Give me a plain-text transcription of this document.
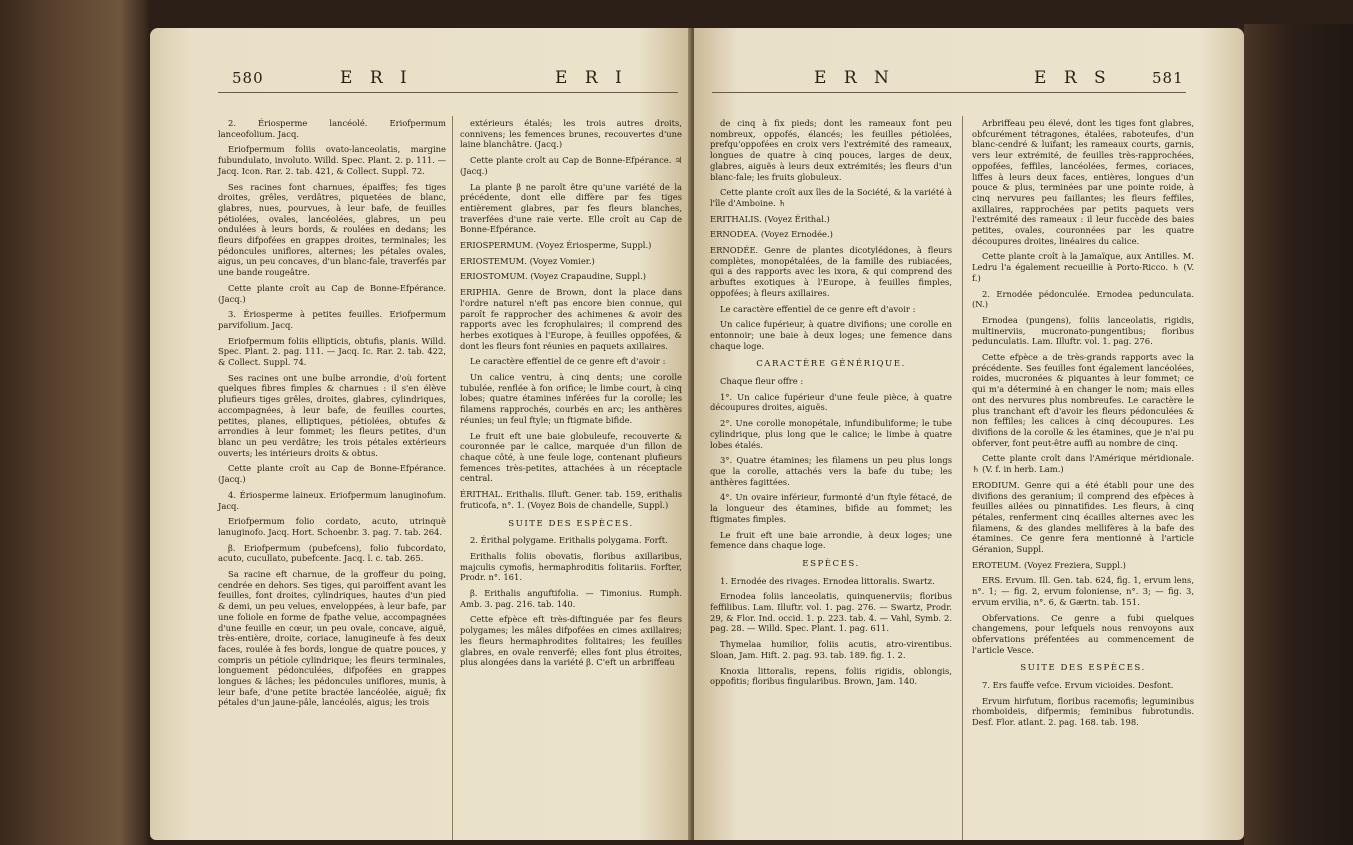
580	E R I	E R I

2. Ériosperme lancéolé. Eriofpermum lanceofolium. Jacq.

Eriofpermum foliis ovato-lanceolatis, margine fubundulato, involuto. Willd. Spec. Plant. 2. p. 111. — Jacq. Icon. Rar. 2. tab. 421, & Collect. Suppl. 72.

Ses racines font charnues, épaiffes; fes tiges droites, grêles, verdâtres, piquetées de blanc, glabres, nues, pourvues, à leur bafe, de feuilles pétiolées, ovales, lancéolées, glabres, un peu ondulées à leurs bords, & roulées en dedans; les fleurs difpofées en grappes droites, terminales; les pédoncules uniflores, alternes; les pétales ovales, aigus, un peu concaves, d'un blanc-fale, traverfés par une bande rougeâtre.

Cette plante croît au Cap de Bonne-Efpérance. (Jacq.)

3. Ériosperme à petites feuilles. Eriofpermum parvifolium. Jacq.

Eriofpermum foliis ellipticis, obtufis, planis. Willd. Spec. Plant. 2. pag. 111. — Jacq. Ic. Rar. 2. tab. 422, & Collect. Suppl. 74.

Ses racines ont une bulbe arrondie, d'où fortent quelques fibres fimples & charnues : il s'en élève plufieurs tiges grêles, droites, glabres, cylindriques, accompagnées, à leur bafe, de feuilles courtes, petites, planes, elliptiques, pétiolées, obtufes & arrondies à leur fommet; les fleurs petites, d'un blanc un peu verdâtre; les trois pétales extérieurs ouverts; les intérieurs droits & obtus.

Cette plante croît au Cap de Bonne-Efpérance. (Jacq.)

4. Ériosperme laineux. Eriofpermum lanuginofum. Jacq.

Eriofpermum folio cordato, acuto, utrinquè lanuginofo. Jacq. Hort. Schoenbr. 3. pag. 7. tab. 264.

β. Eriofpermum (pubefcens), folio fubcordato, acuto, cucullato, pubefcente. Jacq. l. c. tab. 265.

Sa racine eft charnue, de la groffeur du poing, cendrée en dehors. Ses tiges, qui paroiffent avant les feuilles, font droites, cylindriques, hautes d'un pied & demi, un peu velues, enveloppées, à leur bafe, par une foliole en forme de fpathe velue, accompagnées d'une feuille en cœur, un peu ovale, concave, aiguë, très-entière, droite, coriace, lanugineufe à fes deux faces, roulée à fes bords, longue de quatre pouces, y compris un pétiole cylindrique; les fleurs terminales, longuement pédonculées, difpofées en grappes longues & lâches; les pédoncules uniflores, munis, à leur bafe, d'une petite bractée lancéolée, aiguë; fix pétales d'un jaune-pâle, lancéolés, aigus; les trois

extérieurs étalés; les trois autres droits, connivens; les femences brunes, recouvertes d'une laine blanchâtre. (Jacq.)

Cette plante croît au Cap de Bonne-Efpérance. ♃ (Jacq.)

La plante β ne paroît être qu'une variété de la précédente, dont elle diffère par fes tiges entièrement glabres, par fes fleurs blanches, traverfées d'une raie verte. Elle croît au Cap de Bonne-Efpérance.

ERIOSPERMUM. (Voyez Ériosperme, Suppl.)

ERIOSTEMUM. (Voyez Vomier.)

ERIOSTOMUM. (Voyez Crapaudine, Suppl.)

ERIPHIA. Genre de Brown, dont la place dans l'ordre naturel n'eft pas encore bien connue, qui paroît fe rapprocher des achimenes & avoir des rapports avec les fcrophulaires; il comprend des herbes exotiques à l'Europe, à feuilles oppofées, & dont les fleurs font réunies en paquets axillaires.

Le caractère effentiel de ce genre eft d'avoir :

Un calice ventru, à cinq dents; une corolle tubulée, renflée à fon orifice; le limbe court, à cinq lobes; quatre étamines inférées fur la corolle; les filamens rapprochés, courbés en arc; les anthères réunies; un feul ftyle; un ftigmate bifide.

Le fruit eft une baie globuleufe, recouverte & couronnée par le calice, marquée d'un fillon de chaque côté, à une feule loge, contenant plufieurs femences très-petites, attachées à un réceptacle central.

ÉRITHAL. Erithalis. Illuft. Gener. tab. 159, erithalis fruticofa, n°. 1. (Voyez Bois de chandelle, Suppl.)

SUITE DES ESPÈCES.

2. Érithal polygame. Erithalis polygama. Forft.

Erithalis foliis obovatis, floribus axillaribus, majculis cymofis, hermaphroditis folitariis. Forfter, Prodr. n°. 161.

β. Erithalis anguftifolia. — Timonius. Rumph. Amb. 3. pag. 216. tab. 140.

Cette efpèce eft très-diftinguée par fes fleurs polygames; les mâles difpofées en cimes axillaires; les fleurs hermaphrodites folitaires; les feuilles glabres, en ovale renverfé; elles font plus étroites, plus alongées dans la variété β. C'eft un arbriffeau

E R N	E R S	581

de cinq à fix pieds; dont les rameaux font peu nombreux, oppofés, élancés; les feuilles pétiolées, prefqu'oppofées en croix vers l'extrémité des rameaux, longues de quatre à cinq pouces, larges de deux, glabres, aiguës à leurs deux extrémités; les fleurs d'un blanc-fale; les fruits globuleux.

Cette plante croît aux îles de la Société, & la variété à l'île d'Amboine. ♄

ERITHALIS. (Voyez Érithal.)

ERNODEA. (Voyez Ernodée.)

ERNODÉE. Genre de plantes dicotylédones, à fleurs complètes, monopétalées, de la famille des rubiacées, qui a des rapports avec les ixora, & qui comprend des arbuftes exotiques à l'Europe, à feuilles fimples, oppofées; à fleurs axillaires.

Le caractère effentiel de ce genre eft d'avoir :

Un calice fupérieur, à quatre divifions; une corolle en entonnoir; une baie à deux loges; une femence dans chaque loge.

CARACTÈRE GÉNÉRIQUE.

Chaque fleur offre :

1°. Un calice fupérieur d'une feule pièce, à quatre découpures droites, aiguës.

2°. Une corolle monopétale, infundibuliforme; le tube cylindrique, plus long que le calice; le limbe à quatre lobes étalés.

3°. Quatre étamines; les filamens un peu plus longs que la corolle, attachés vers la bafe du tube; les anthères fagittées.

4°. Un ovaire inférieur, furmonté d'un ftyle fétacé, de la longueur des étamines, bifide au fommet; les ftigmates fimples.

Le fruit eft une baie arrondie, à deux loges; une femence dans chaque loge.

ESPÈCES.

1. Ernodée des rivages. Ernodea littoralis. Swartz.

Ernodea foliis lanceolatis, quinquenerviis; floribus feffilibus. Lam. Illuftr. vol. 1. pag. 276. — Swartz, Prodr. 29, & Flor. Ind. occid. 1. p. 223. tab. 4. — Vahl, Symb. 2. pag. 28. — Willd. Spec. Plant. 1. pag. 611.

Thymelaa humilior, foliis acutis, atro-virentibus. Sloan, Jam. Hift. 2. pag. 93. tab. 189. fig. 1. 2.

Knoxia littoralis, repens, foliis rigidis, oblongis, oppofitis; floribus fingularibus. Brown, Jam. 140.

Arbriffeau peu élevé, dont les tiges font glabres, obfcurément tétragones, étalées, raboteufes, d'un blanc-cendré & luifant; les rameaux courts, garnis, vers leur extrémité, de feuilles très-rapprochées, oppofées, feffiles, lancéolées, fermes, coriaces, liffes à leurs deux faces, entières, longues d'un pouce & plus, terminées par une pointe roide, à cinq nervures peu faillantes; les fleurs feffiles, axillaires, rapprochées par petits paquets vers l'extrémité des rameaux : il leur fuccède des baies petites, ovales, couronnées par les quatre découpures droites, linéaires du calice.

Cette plante croît à la Jamaïque, aux Antilles. M. Ledru l'a également recueillie à Porto-Ricco. ♄ (V. f.)

2. Ernodée pédonculée. Ernodea pedunculata. (N.)

Ernodea (pungens), foliis lanceolatis, rigidis, multinerviis, mucronato-pungentibus; floribus pedunculatis. Lam. Illuftr. vol. 1. pag. 276.

Cette efpèce a de très-grands rapports avec la précédente. Ses feuilles font également lancéolées, roides, mucronées & piquantes à leur fommet; ce qui m'a déterminé à en changer le nom; mais elles ont des nervures plus nombreufes. Le caractère le plus tranchant eft d'avoir les fleurs pédonculées & non feffiles; les calices à cinq découpures. Les divifions de la corolle & les étamines, que je n'ai pu obferver, font peut-être auffi au nombre de cinq.

Cette plante croît dans l'Amérique méridionale. ♄ (V. f. in herb. Lam.)

ERODIUM. Genre qui a été établi pour une des divifions des geranium; il comprend des efpèces à feuilles ailées ou pinnatifides. Les fleurs, à cinq pétales, renferment cinq écailles alternes avec les filamens, & des glandes mellifères à la bafe des étamines. Ce genre fera mentionné à l'article Géranion, Suppl.

EROTEUM. (Voyez Freziera, Suppl.)

ERS. Ervum. Ill. Gen. tab. 624, fig. 1, ervum lens, n°. 1; — fig. 2, ervum foloniense, n°. 3; — fig. 3, ervum ervilia, n°. 6, & Gærtn. tab. 151.

Obfervations. Ce genre a fubi quelques changemens, pour lefquels nous renvoyons aux obfervations préfentées au commencement de l'article Vesce.

SUITE DES ESPÈCES.

7. Ers fauffe vefce. Ervum vicioides. Desfont.

Ervum hirfutum, floribus racemofis; leguminibus rhomboideis, difpermis; feminibus fubrotundis. Desf. Flor. atlant. 2. pag. 168. tab. 198.
